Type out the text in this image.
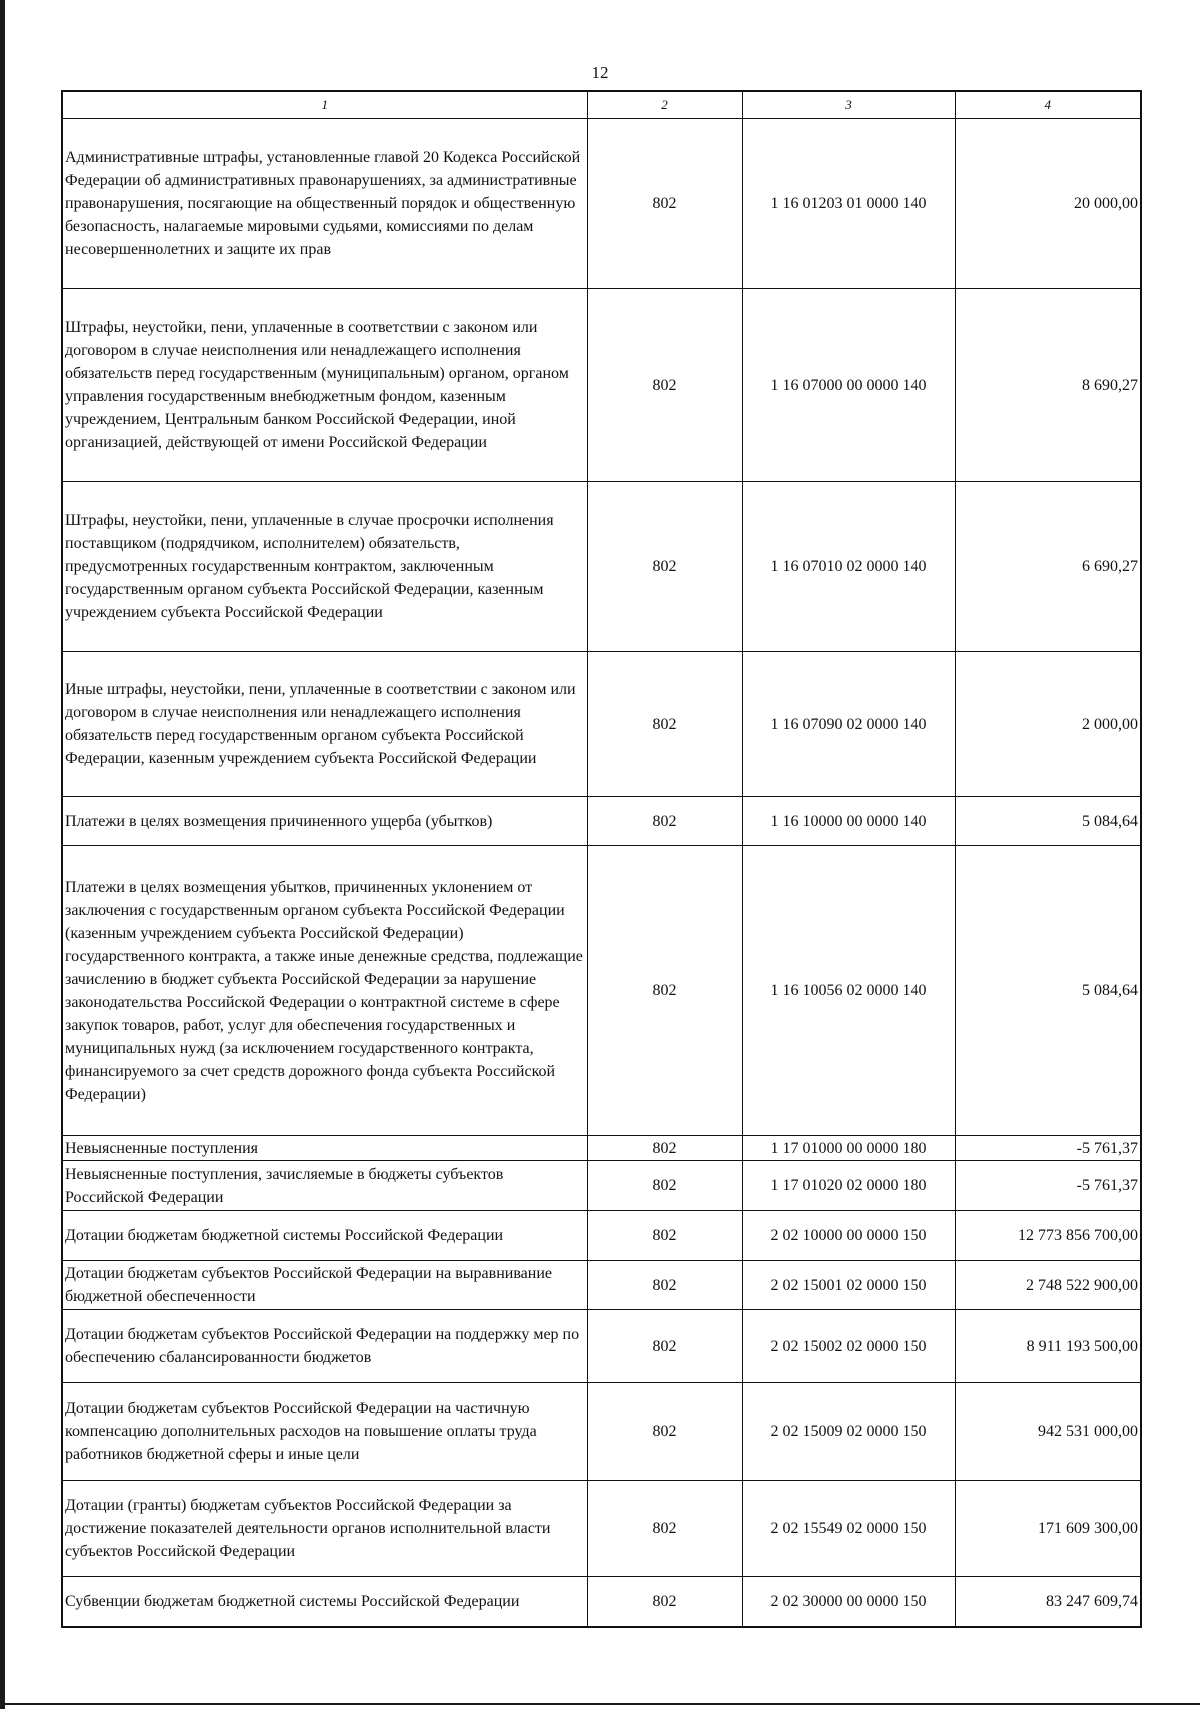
12
1	2	3	4
Административные штрафы, установленные главой 20 Кодекса Российской Федерации об административных правонарушениях, за административные правонарушения, посягающие на общественный порядок и общественную безопасность, налагаемые мировыми судьями, комиссиями по делам несовершеннолетних и защите их прав	802	1 16 01203 01 0000 140	20 000,00
Штрафы, неустойки, пени, уплаченные в соответствии с законом или договором в случае неисполнения или ненадлежащего исполнения обязательств перед государственным (муниципальным) органом, органом управления государственным внебюджетным фондом, казенным учреждением, Центральным банком Российской Федерации, иной организацией, действующей от имени Российской Федерации	802	1 16 07000 00 0000 140	8 690,27
Штрафы, неустойки, пени, уплаченные в случае просрочки исполнения поставщиком (подрядчиком, исполнителем) обязательств, предусмотренных государственным контрактом, заключенным государственным органом субъекта Российской Федерации, казенным учреждением субъекта Российской Федерации	802	1 16 07010 02 0000 140	6 690,27
Иные штрафы, неустойки, пени, уплаченные в соответствии с законом или договором в случае неисполнения или ненадлежащего исполнения обязательств перед государственным органом субъекта Российской Федерации, казенным учреждением субъекта Российской Федерации	802	1 16 07090 02 0000 140	2 000,00
Платежи в целях возмещения причиненного ущерба (убытков)	802	1 16 10000 00 0000 140	5 084,64
Платежи в целях возмещения убытков, причиненных уклонением от заключения с государственным органом субъекта Российской Федерации (казенным учреждением субъекта Российской Федерации) государственного контракта, а также иные денежные средства, подлежащие зачислению в бюджет субъекта Российской Федерации за нарушение законодательства Российской Федерации о контрактной системе в сфере закупок товаров, работ, услуг для обеспечения государственных и муниципальных нужд (за исключением государственного контракта, финансируемого за счет средств дорожного фонда субъекта Российской Федерации)	802	1 16 10056 02 0000 140	5 084,64
Невыясненные поступления	802	1 17 01000 00 0000 180	-5 761,37
Невыясненные поступления, зачисляемые в бюджеты субъектов Российской Федерации	802	1 17 01020 02 0000 180	-5 761,37
Дотации бюджетам бюджетной системы Российской Федерации	802	2 02 10000 00 0000 150	12 773 856 700,00
Дотации бюджетам субъектов Российской Федерации на выравнивание бюджетной обеспеченности	802	2 02 15001 02 0000 150	2 748 522 900,00
Дотации бюджетам субъектов Российской Федерации на поддержку мер по обеспечению сбалансированности бюджетов	802	2 02 15002 02 0000 150	8 911 193 500,00
Дотации бюджетам субъектов Российской Федерации на частичную компенсацию дополнительных расходов на повышение оплаты труда работников бюджетной сферы и иные цели	802	2 02 15009 02 0000 150	942 531 000,00
Дотации (гранты) бюджетам субъектов Российской Федерации за достижение показателей деятельности органов исполнительной власти субъектов Российской Федерации	802	2 02 15549 02 0000 150	171 609 300,00
Субвенции бюджетам бюджетной системы Российской Федерации	802	2 02 30000 00 0000 150	83 247 609,74
